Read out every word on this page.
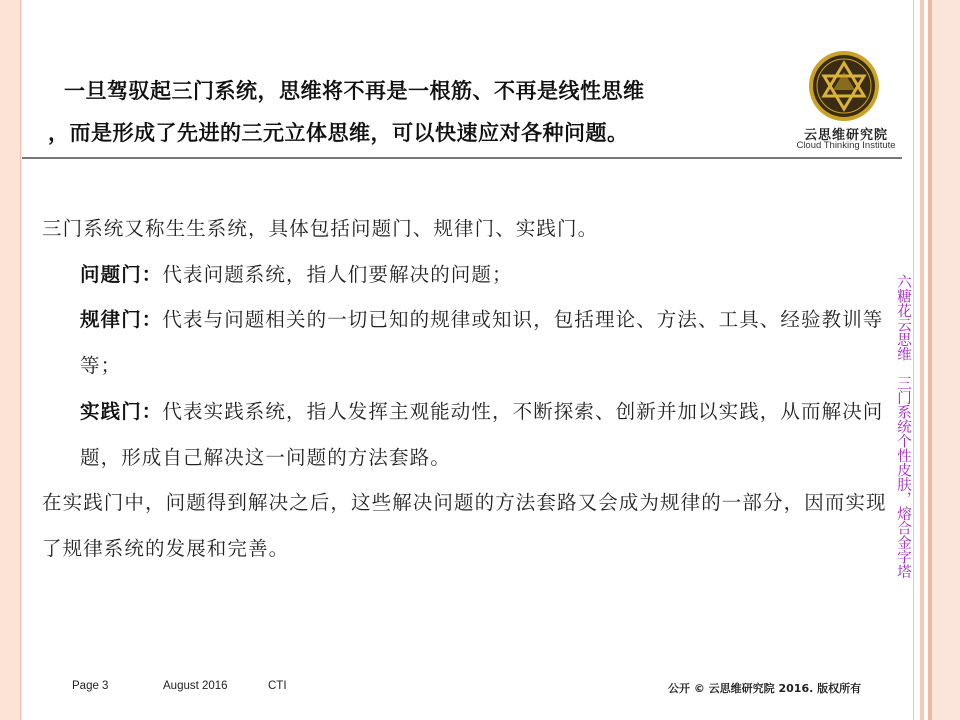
一旦驾驭起三门系统，思维将不再是一根筋、不再是线性思维
，而是形成了先进的三元立体思维，可以快速应对各种问题。	云思维研究院
Cloud Thinking Institute

三门系统又称生生系统，具体包括问题门、规律门、实践门。

问题门：代表问题系统，指人们要解决的问题；

规律门：代表与问题相关的一切已知的规律或知识，包括理论、方法、工具、经验教训等等；

实践门：代表实践系统，指人发挥主观能动性，不断探索、创新并加以实践，从而解决问题，形成自己解决这一问题的方法套路。

在实践门中，问题得到解决之后，这些解决问题的方法套路又会成为规律的一部分，因而实现了规律系统的发展和完善。	六糖花云思维　三门系统个性皮肤，熔合金字塔
Page 3	August 2016	CTI	公开 © 云思维研究院 2016. 版权所有
